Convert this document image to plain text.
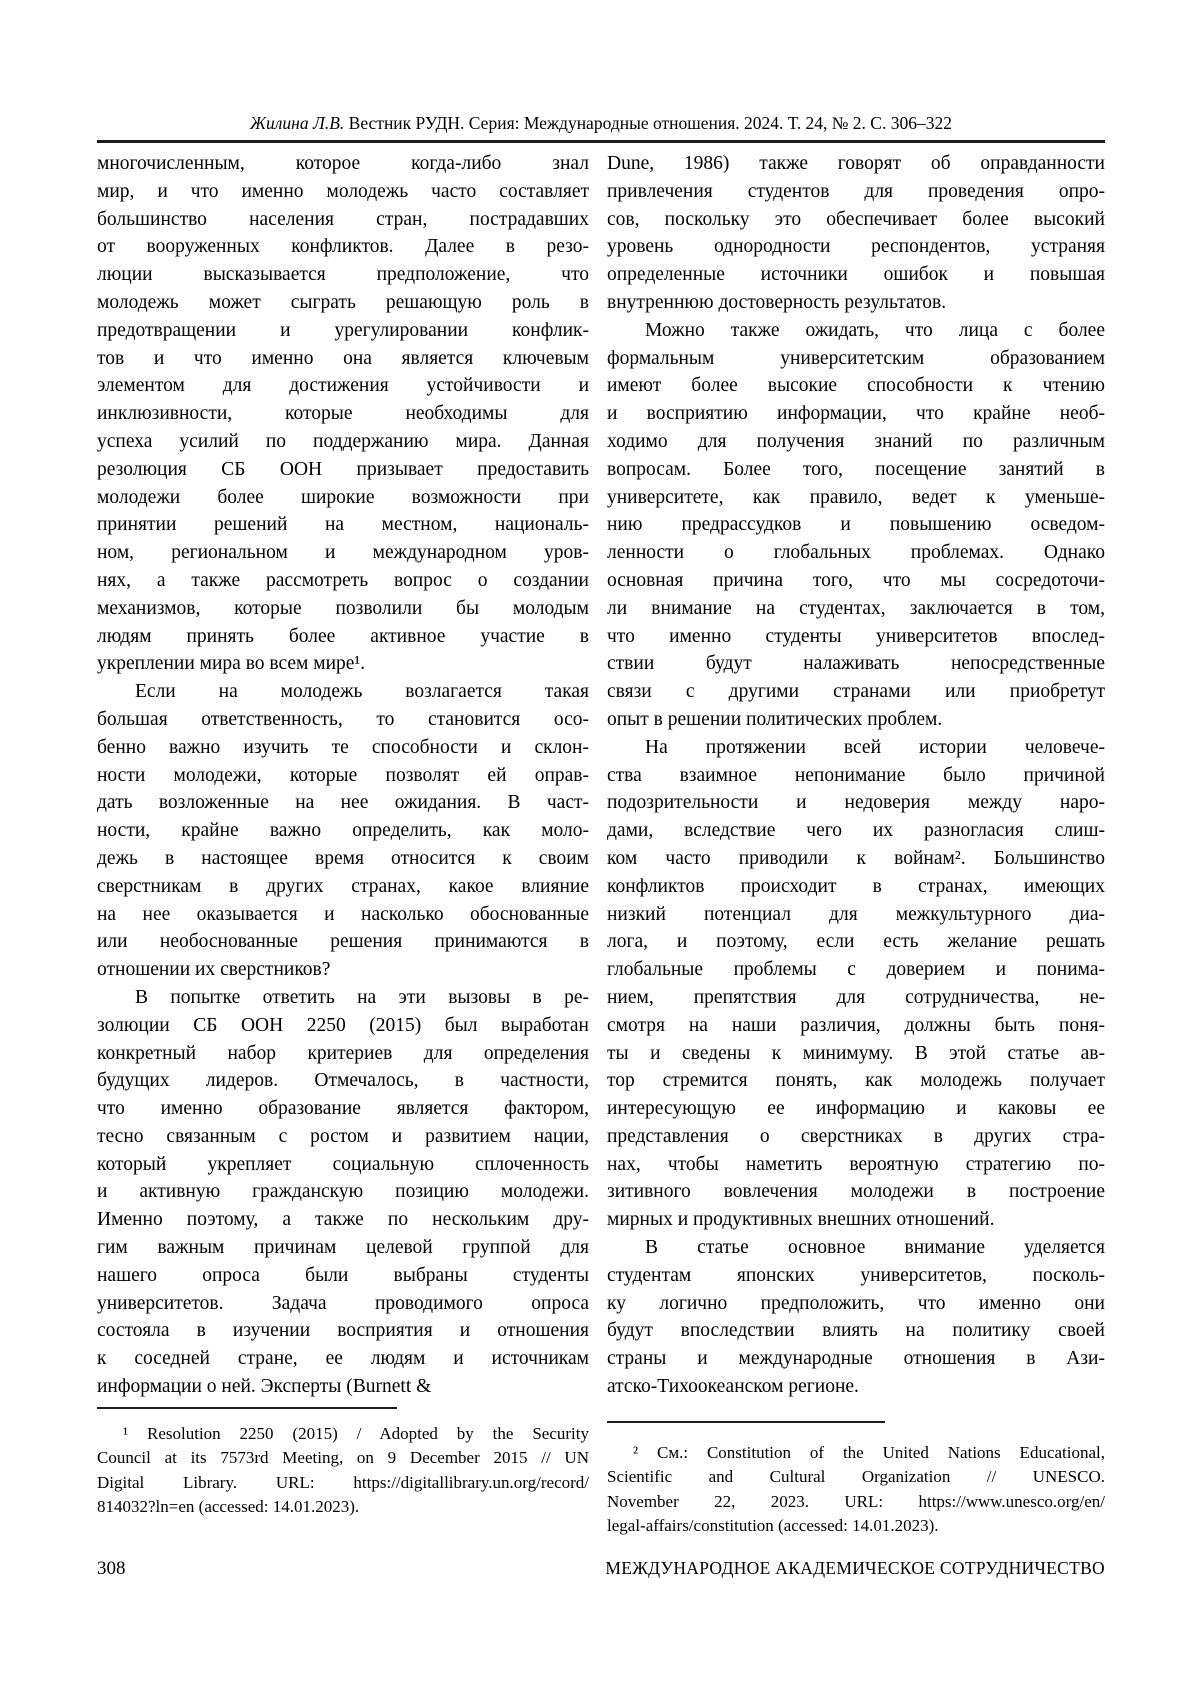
Жилина Л.В. Вестник РУДН. Серия: Международные отношения. 2024. Т. 24, № 2. С. 306–322
многочисленным, которое когда-либо знал
мир, и что именно молодежь часто составляет
большинство населения стран, пострадавших
от вооруженных конфликтов. Далее в резо-
люции высказывается предположение, что
молодежь может сыграть решающую роль в
предотвращении и урегулировании конфлик-
тов и что именно она является ключевым
элементом для достижения устойчивости и
инклюзивности, которые необходимы для
успеха усилий по поддержанию мира. Данная
резолюция СБ ООН призывает предоставить
молодежи более широкие возможности при
принятии решений на местном, националь-
ном, региональном и международном уров-
нях, а также рассмотреть вопрос о создании
механизмов, которые позволили бы молодым
людям принять более активное участие в
укреплении мира во всем мире¹.
Если на молодежь возлагается такая
большая ответственность, то становится осо-
бенно важно изучить те способности и склон-
ности молодежи, которые позволят ей оправ-
дать возложенные на нее ожидания. В част-
ности, крайне важно определить, как моло-
дежь в настоящее время относится к своим
сверстникам в других странах, какое влияние
на нее оказывается и насколько обоснованные
или необоснованные решения принимаются в
отношении их сверстников?
В попытке ответить на эти вызовы в ре-
золюции СБ ООН 2250 (2015) был выработан
конкретный набор критериев для определения
будущих лидеров. Отмечалось, в частности,
что именно образование является фактором,
тесно связанным с ростом и развитием нации,
который укрепляет социальную сплоченность
и активную гражданскую позицию молодежи.
Именно поэтому, а также по нескольким дру-
гим важным причинам целевой группой для
нашего опроса были выбраны студенты
университетов. Задача проводимого опроса
состояла в изучении восприятия и отношения
к соседней стране, ее людям и источникам
информации о ней. Эксперты (Burnett &
¹ Resolution 2250 (2015) / Adopted by the Security
Council at its 7573rd Meeting, on 9 December 2015 // UN
Digital Library. URL: https://digitallibrary.un.org/record/
814032?ln=en (accessed: 14.01.2023).
Dune, 1986) также говорят об оправданности
привлечения студентов для проведения опро-
сов, поскольку это обеспечивает более высокий
уровень однородности респондентов, устраняя
определенные источники ошибок и повышая
внутреннюю достоверность результатов.
Можно также ожидать, что лица с более
формальным университетским образованием
имеют более высокие способности к чтению
и восприятию информации, что крайне необ-
ходимо для получения знаний по различным
вопросам. Более того, посещение занятий в
университете, как правило, ведет к уменьше-
нию предрассудков и повышению осведом-
ленности о глобальных проблемах. Однако
основная причина того, что мы сосредоточи-
ли внимание на студентах, заключается в том,
что именно студенты университетов впослед-
ствии будут налаживать непосредственные
связи с другими странами или приобретут
опыт в решении политических проблем.
На протяжении всей истории человече-
ства взаимное непонимание было причиной
подозрительности и недоверия между наро-
дами, вследствие чего их разногласия слиш-
ком часто приводили к войнам². Большинство
конфликтов происходит в странах, имеющих
низкий потенциал для межкультурного диа-
лога, и поэтому, если есть желание решать
глобальные проблемы с доверием и понима-
нием, препятствия для сотрудничества, не-
смотря на наши различия, должны быть поня-
ты и сведены к минимуму. В этой статье ав-
тор стремится понять, как молодежь получает
интересующую ее информацию и каковы ее
представления о сверстниках в других стра-
нах, чтобы наметить вероятную стратегию по-
зитивного вовлечения молодежи в построение
мирных и продуктивных внешних отношений.
В статье основное внимание уделяется
студентам японских университетов, посколь-
ку логично предположить, что именно они
будут впоследствии влиять на политику своей
страны и международные отношения в Ази-
атско-Тихоокеанском регионе.
² См.: Constitution of the United Nations Educational,
Scientific and Cultural Organization // UNESCO.
November 22, 2023. URL: https://www.unesco.org/en/
legal-affairs/constitution (accessed: 14.01.2023).
308	МЕЖДУНАРОДНОЕ АКАДЕМИЧЕСКОЕ СОТРУДНИЧЕСТВО
